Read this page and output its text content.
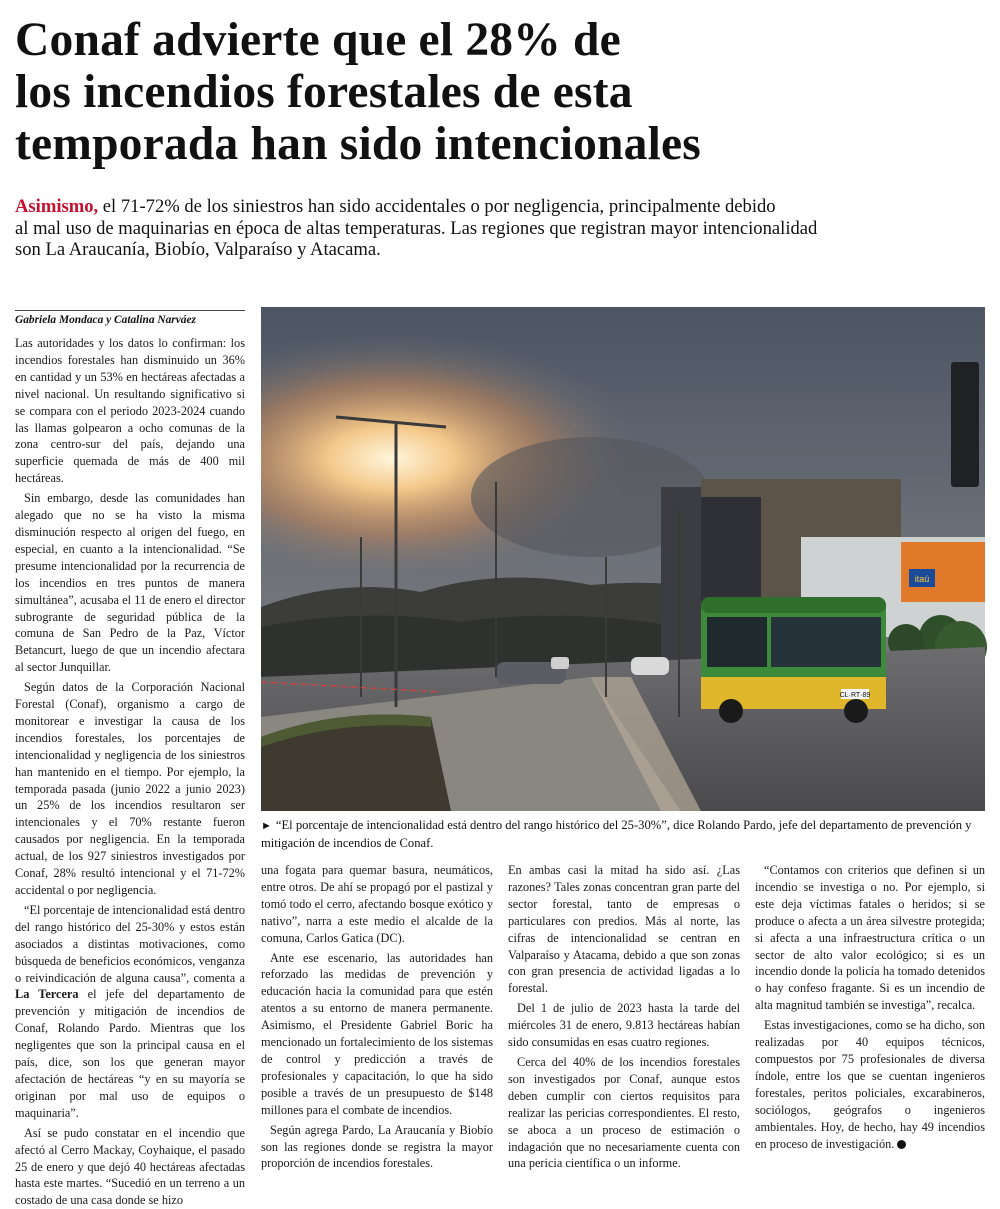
Conaf advierte que el 28% de
los incendios forestales de esta
temporada han sido intencionales
Asimismo, el 71-72% de los siniestros han sido accidentales o por negligencia, principalmente debido
al mal uso de maquinarias en época de altas temperaturas. Las regiones que registran mayor intencionalidad
son La Araucanía, Biobío, Valparaíso y Atacama.
Gabriela Mondaca y Catalina Narváez

Las autoridades y los datos lo confirman: los incendios forestales han disminuido un 36% en cantidad y un 53% en hectáreas afectadas a nivel nacional. Un resultando significativo si se compara con el periodo 2023-2024 cuando las llamas golpearon a ocho comunas de la zona centro-sur del país, dejando una superficie quemada de más de 400 mil hectáreas.

Sin embargo, desde las comunidades han alegado que no se ha visto la misma disminución respecto al origen del fuego, en especial, en cuanto a la intencionalidad. “Se presume intencionalidad por la recurrencia de los incendios en tres puntos de manera simultánea”, acusaba el 11 de enero el director subrogrante de seguridad pública de la comuna de San Pedro de la Paz, Víctor Betancurt, luego de que un incendio afectara al sector Junquillar.

Según datos de la Corporación Nacional Forestal (Conaf), organismo a cargo de monitorear e investigar la causa de los incendios forestales, los porcentajes de intencionalidad y negligencia de los siniestros han mantenido en el tiempo. Por ejemplo, la temporada pasada (junio 2022 a junio 2023) un 25% de los incendios resultaron ser intencionales y el 70% restante fueron causados por negligencia. En la temporada actual, de los 927 siniestros investigados por Conaf, 28% resultó intencional y el 71-72% accidental o por negligencia.

“El porcentaje de intencionalidad está dentro del rango histórico del 25-30% y estos están asociados a distintas motivaciones, como búsqueda de beneficios económicos, venganza o reivindicación de alguna causa”, comenta a La Tercera el jefe del departamento de prevención y mitigación de incendios de Conaf, Rolando Pardo. Mientras que los negligentes que son la principal causa en el país, dice, son los que generan mayor afectación de hectáreas “y en su mayoría se originan por mal uso de equipos o maquinaria”.

Así se pudo constatar en el incendio que afectó al Cerro Mackay, Coyhaique, el pasado 25 de enero y que dejó 40 hectáreas afectadas hasta este martes. “Sucedió en un terreno a un costado de una casa donde se hizo

itaú
CL·RT·89

► “El porcentaje de intencionalidad está dentro del rango histórico del 25-30%”, dice Rolando Pardo, jefe del departamento de prevención y mitigación de incendios de Conaf.

una fogata para quemar basura, neumáticos, entre otros. De ahí se propagó por el pastizal y tomó todo el cerro, afectando bosque exótico y nativo”, narra a este medio el alcalde de la comuna, Carlos Gatica (DC).

Ante ese escenario, las autoridades han reforzado las medidas de prevención y educación hacia la comunidad para que estén atentos a su entorno de manera permanente. Asimismo, el Presidente Gabriel Boric ha mencionado un fortalecimiento de los sistemas de control y predicción a través de profesionales y capacitación, lo que ha sido posible a través de un presupuesto de $148 millones para el combate de incendios.

Según agrega Pardo, La Araucanía y Biobío son las regiones donde se registra la mayor proporción de incendios forestales.

En ambas casi la mitad ha sido así. ¿Las razones? Tales zonas concentran gran parte del sector forestal, tanto de empresas o particulares con predios. Más al norte, las cifras de intencionalidad se centran en Valparaíso y Atacama, debido a que son zonas con gran presencia de actividad ligadas a lo forestal.

Del 1 de julio de 2023 hasta la tarde del miércoles 31 de enero, 9.813 hectáreas habían sido consumidas en esas cuatro regiones.

Cerca del 40% de los incendios forestales son investigados por Conaf, aunque estos deben cumplir con ciertos requisitos para realizar las pericias correspondientes. El resto, se aboca a un proceso de estimación o indagación que no necesariamente cuenta con una pericia científica o un informe.

“Contamos con criterios que definen si un incendio se investiga o no. Por ejemplo, si este deja víctimas fatales o heridos; si se produce o afecta a un área silvestre protegida; si afecta a una infraestructura crítica o un sector de alto valor ecológico; si es un incendio donde la policía ha tomado detenidos o hay confeso fragante. Si es un incendio de alta magnitud también se investiga”, recalca.

Estas investigaciones, como se ha dicho, son realizadas por 40 equipos técnicos, compuestos por 75 profesionales de diversa índole, entre los que se cuentan ingenieros forestales, peritos policiales, excarabineros, sociólogos, geógrafos o ingenieros ambientales. Hoy, de hecho, hay 49 incendios en proceso de investigación.
